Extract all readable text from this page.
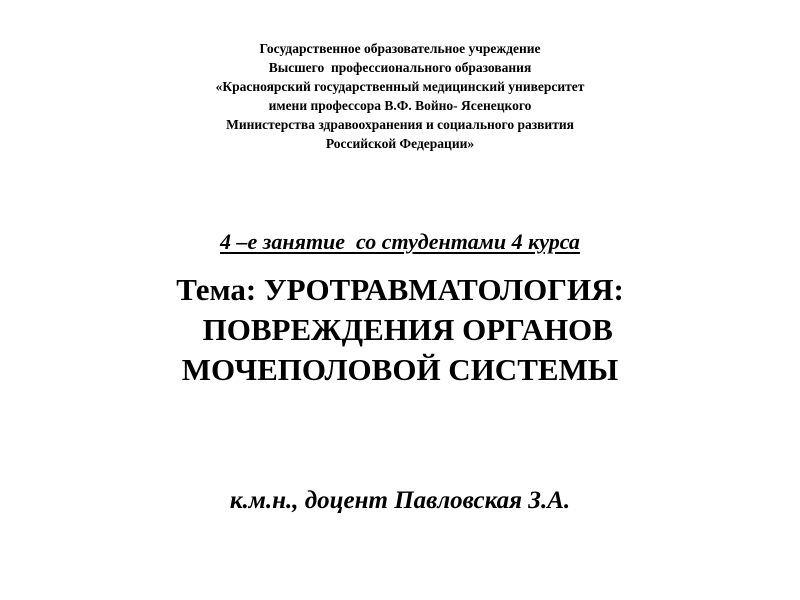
Государственное образовательное учреждение
Высшего  профессионального образования
«Красноярский государственный медицинский университет
имени профессора В.Ф. Войно- Ясенецкого
Министерства здравоохранения и социального развития
Российской Федерации»
4 –е занятие  со студентами 4 курса
Тема: УРОТРАВМАТОЛОГИЯ:
ПОВРЕЖДЕНИЯ ОРГАНОВ
МОЧЕПОЛОВОЙ СИСТЕМЫ
к.м.н., доцент Павловская З.А.
